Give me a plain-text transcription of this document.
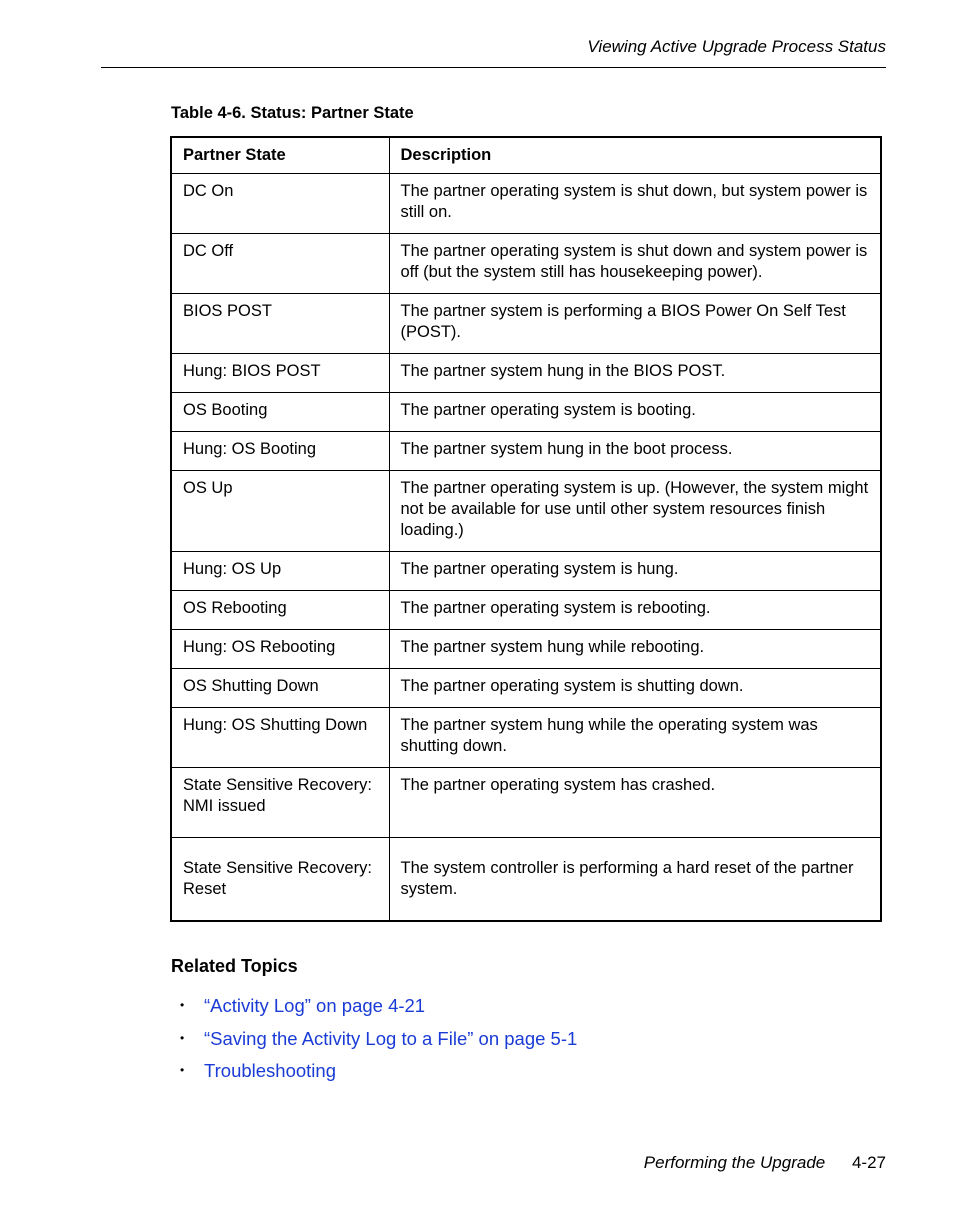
Viewing Active Upgrade Process Status
Table 4-6. Status: Partner State
Partner State	Description
DC On	The partner operating system is shut down, but system power is still on.
DC Off	The partner operating system is shut down and system power is off (but the system still has housekeeping power).
BIOS POST	The partner system is performing a BIOS Power On Self Test (POST).
Hung: BIOS POST	The partner system hung in the BIOS POST.
OS Booting	The partner operating system is booting.
Hung: OS Booting	The partner system hung in the boot process.
OS Up	The partner operating system is up. (However, the system might not be available for use until other system resources finish loading.)
Hung: OS Up	The partner operating system is hung.
OS Rebooting	The partner operating system is rebooting.
Hung: OS Rebooting	The partner system hung while rebooting.
OS Shutting Down	The partner operating system is shutting down.
Hung: OS Shutting Down	The partner system hung while the operating system was shutting down.
State Sensitive Recovery: NMI issued	The partner operating system has crashed.
State Sensitive Recovery: Reset	The system controller is performing a hard reset of the partner system.
Related Topics
• “Activity Log” on page 4-21
• “Saving the Activity Log to a File” on page 5-1
• Troubleshooting
Performing the Upgrade 4-27
